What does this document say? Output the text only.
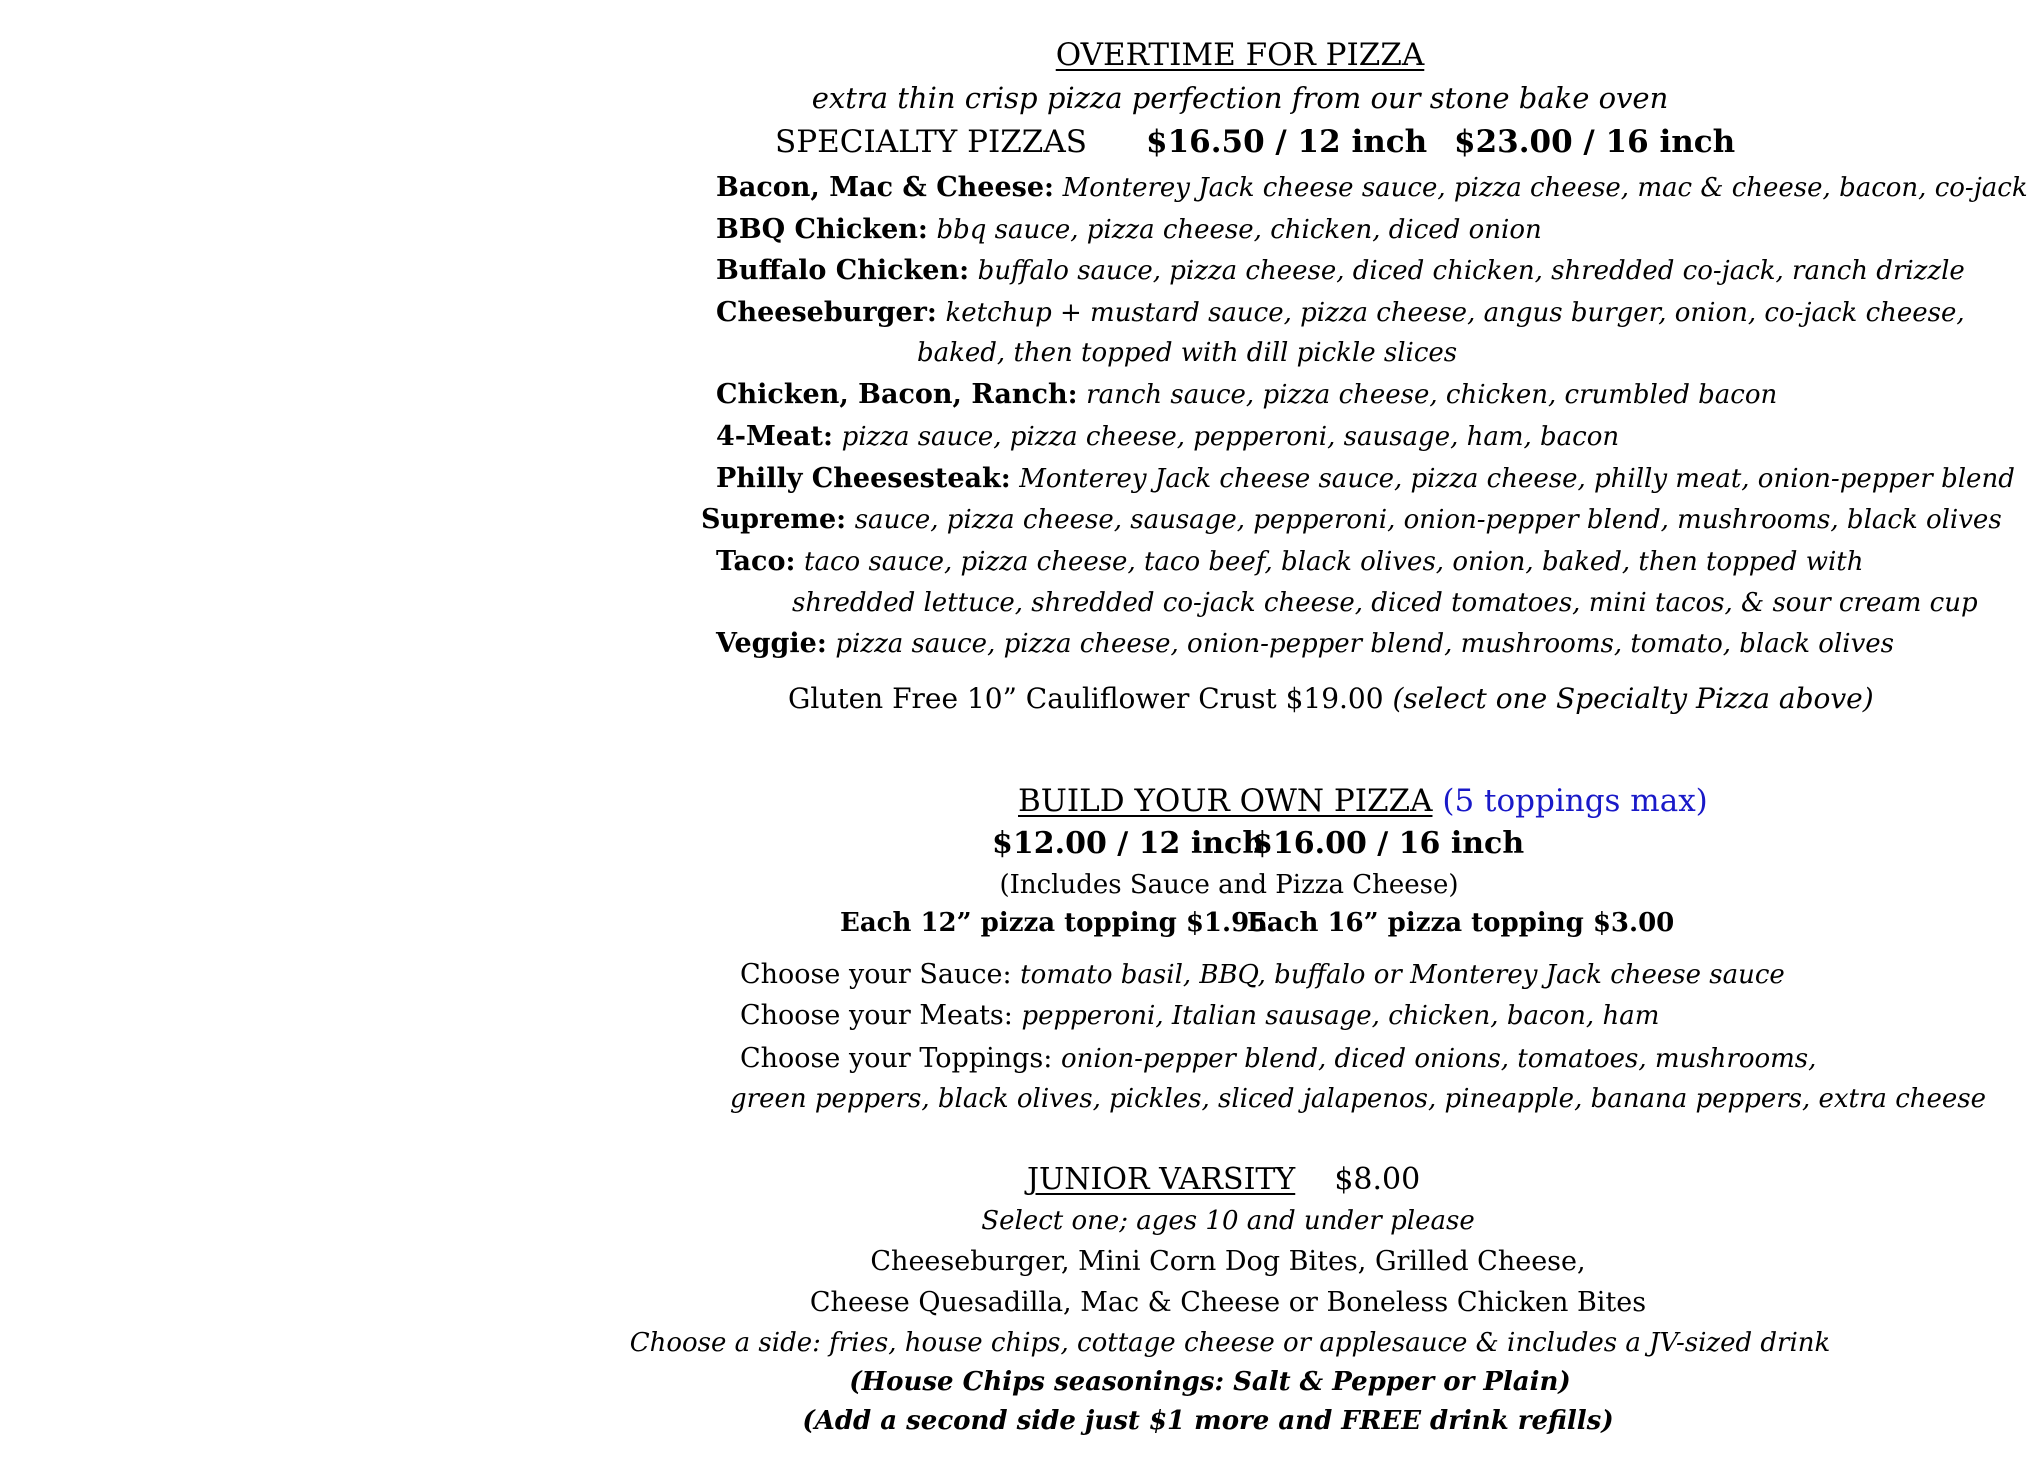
OVERTIME FOR PIZZA
extra thin crisp pizza perfection from our stone bake oven
SPECIALTY PIZZAS $16.50 / 12 inch $23.00 / 16 inch
Bacon, Mac & Cheese: Monterey Jack cheese sauce, pizza cheese, mac & cheese, bacon, co-jack
BBQ Chicken: bbq sauce, pizza cheese, chicken, diced onion
Buffalo Chicken: buffalo sauce, pizza cheese, diced chicken, shredded co-jack, ranch drizzle
Cheeseburger: ketchup + mustard sauce, pizza cheese, angus burger, onion, co-jack cheese,
baked, then topped with dill pickle slices
Chicken, Bacon, Ranch: ranch sauce, pizza cheese, chicken, crumbled bacon
4-Meat: pizza sauce, pizza cheese, pepperoni, sausage, ham, bacon
Philly Cheesesteak: Monterey Jack cheese sauce, pizza cheese, philly meat, onion-pepper blend
Supreme: sauce, pizza cheese, sausage, pepperoni, onion-pepper blend, mushrooms, black olives
Taco: taco sauce, pizza cheese, taco beef, black olives, onion, baked, then topped with
shredded lettuce, shredded co-jack cheese, diced tomatoes, mini tacos, & sour cream cup
Veggie: pizza sauce, pizza cheese, onion-pepper blend, mushrooms, tomato, black olives
Gluten Free 10” Cauliflower Crust $19.00 (select one Specialty Pizza above)
BUILD YOUR OWN PIZZA (5 toppings max)
$12.00 / 12 inch
$16.00 / 16 inch
(Includes Sauce and Pizza Cheese)
Each 12” pizza topping $1.95
Each 16” pizza topping $3.00
Choose your Sauce: tomato basil, BBQ, buffalo or Monterey Jack cheese sauce
Choose your Meats: pepperoni, Italian sausage, chicken, bacon, ham
Choose your Toppings: onion-pepper blend, diced onions, tomatoes, mushrooms,
green peppers, black olives, pickles, sliced jalapenos, pineapple, banana peppers, extra cheese
JUNIOR VARSITY $8.00
Select one; ages 10 and under please
Cheeseburger, Mini Corn Dog Bites, Grilled Cheese,
Cheese Quesadilla, Mac & Cheese or Boneless Chicken Bites
Choose a side: fries, house chips, cottage cheese or applesauce & includes a JV-sized drink
(House Chips seasonings: Salt & Pepper or Plain)
(Add a second side just $1 more and FREE drink refills)
